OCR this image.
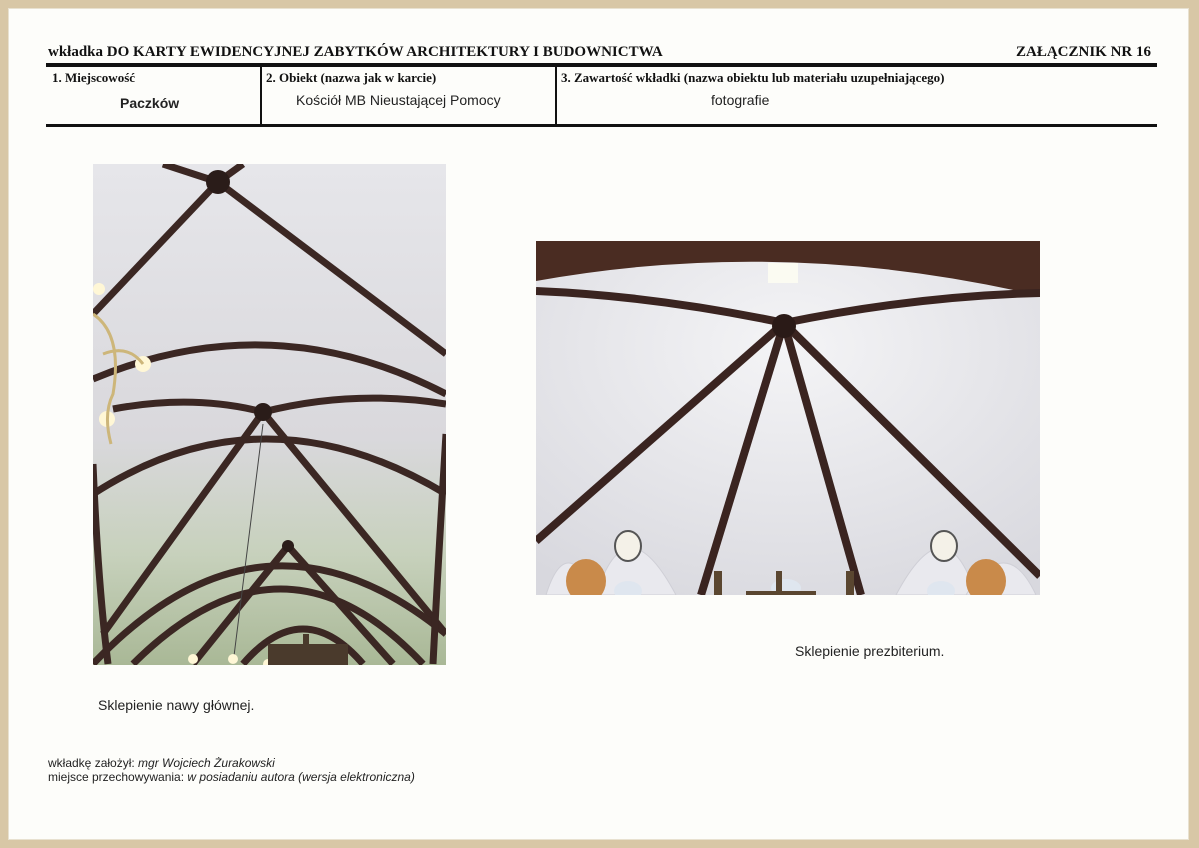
wkładka DO KARTY EWIDENCYJNEJ ZABYTKÓW ARCHITEKTURY I BUDOWNICTWA	ZAŁĄCZNIK NR 16
1. Miejscowość
Paczków
2. Obiekt (nazwa jak w karcie)
Kościół MB Nieustającej Pomocy
3. Zawartość wkładki (nazwa obiektu lub materiału uzupełniającego)
fotografie
Sklepienie nawy głównej.
Sklepienie prezbiterium.
wkładkę założył: mgr Wojciech Żurakowski
miejsce przechowywania: w posiadaniu autora (wersja elektroniczna)
